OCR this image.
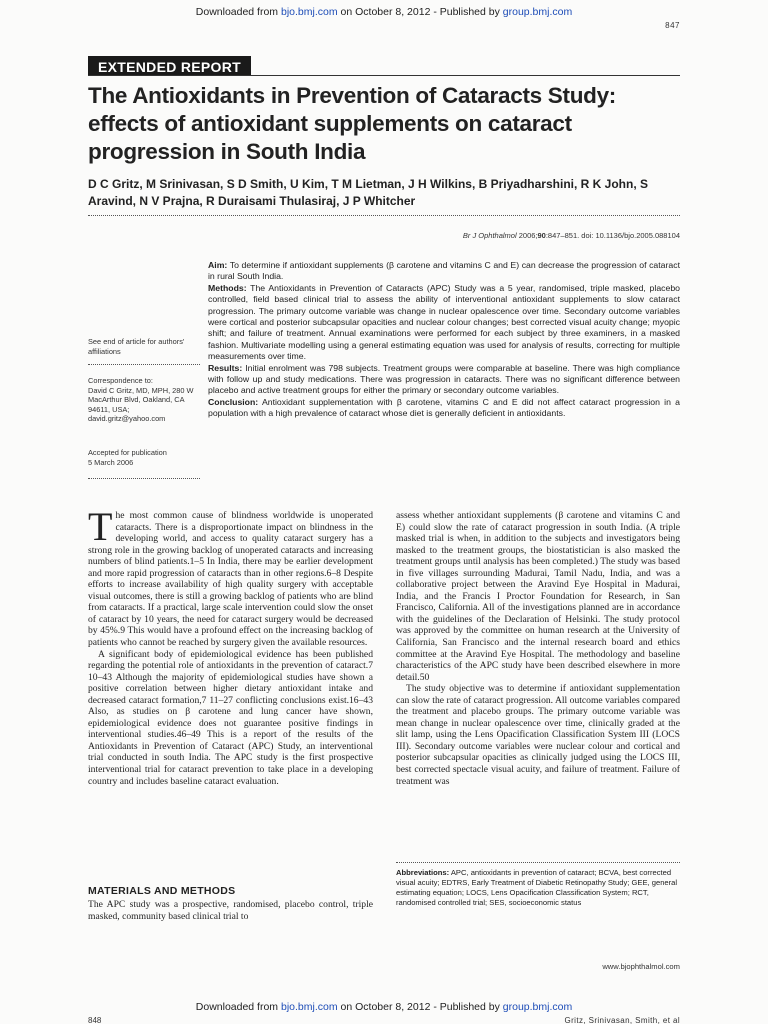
Downloaded from bjo.bmj.com on October 8, 2012 - Published by group.bmj.com
847
EXTENDED REPORT
The Antioxidants in Prevention of Cataracts Study: effects of antioxidant supplements on cataract progression in South India
D C Gritz, M Srinivasan, S D Smith, U Kim, T M Lietman, J H Wilkins, B Priyadharshini, R K John, S Aravind, N V Prajna, R Duraisami Thulasiraj, J P Whitcher
Br J Ophthalmol 2006;90:847–851. doi: 10.1136/bjo.2005.088104

Aim: To determine if antioxidant supplements (β carotene and vitamins C and E) can decrease the progression of cataract in rural South India.

Methods: The Antioxidants in Prevention of Cataracts (APC) Study was a 5 year, randomised, triple masked, placebo controlled, field based clinical trial to assess the ability of interventional antioxidant supplements to slow cataract progression. The primary outcome variable was change in nuclear opalescence over time. Secondary outcome variables were cortical and posterior subcapsular opacities and nuclear colour changes; best corrected visual acuity change; myopic shift; and failure of treatment. Annual examinations were performed for each subject by three examiners, in a masked fashion. Multivariate modelling using a general estimating equation was used for analysis of results, correcting for multiple measurements over time.

Results: Initial enrolment was 798 subjects. Treatment groups were comparable at baseline. There was high compliance with follow up and study medications. There was progression in cataracts. There was no significant difference between placebo and active treatment groups for either the primary or secondary outcome variables.

Conclusion: Antioxidant supplementation with β carotene, vitamins C and E did not affect cataract progression in a population with a high prevalence of cataract whose diet is generally deficient in antioxidants.

See end of article for authors' affiliations
Correspondence to:
David C Gritz, MD, MPH, 280 W MacArthur Blvd, Oakland, CA 94611, USA; david.gritz@yahoo.com
Accepted for publication
5 March 2006

The most common cause of blindness worldwide is unoperated cataracts. There is a disproportionate impact on blindness in the developing world, and access to quality cataract surgery has a strong role in the growing backlog of unoperated cataracts and increasing numbers of blind patients.1–5 In India, there may be earlier development and more rapid progression of cataracts than in other regions.6–8 Despite efforts to increase availability of high quality surgery with acceptable visual outcomes, there is still a growing backlog of patients who are blind from cataracts. If a practical, large scale intervention could slow the onset of cataract by 10 years, the need for cataract surgery would be decreased by 45%.9 This would have a profound effect on the increasing backlog of patients who cannot be reached by surgery given the available resources.

A significant body of epidemiological evidence has been published regarding the potential role of antioxidants in the prevention of cataract.7 10–43 Although the majority of epidemiological studies have shown a positive correlation between higher dietary antioxidant intake and decreased cataract formation,7 11–27 conflicting conclusions exist.16–43 Also, as studies on β carotene and lung cancer have shown, epidemiological evidence does not guarantee positive findings in interventional studies.46–49 This is a report of the results of the Antioxidants in Prevention of Cataract (APC) Study, an interventional trial conducted in south India. The APC study is the first prospective interventional trial for cataract prevention to take place in a developing country and includes baseline cataract evaluation.

MATERIALS AND METHODS
The APC study was a prospective, randomised, placebo control, triple masked, community based clinical trial to

assess whether antioxidant supplements (β carotene and vitamins C and E) could slow the rate of cataract progression in south India. (A triple masked trial is when, in addition to the subjects and investigators being masked to the treatment groups, the biostatistician is also masked the treatment groups until analysis has been completed.) The study was based in five villages surrounding Madurai, Tamil Nadu, India, and was a collaborative project between the Aravind Eye Hospital in Madurai, India, and the Francis I Proctor Foundation for Research, in San Francisco, California. All of the investigations planned are in accordance with the guidelines of the Declaration of Helsinki. The study protocol was approved by the committee on human research at the University of California, San Francisco and the internal research board and ethics committee at the Aravind Eye Hospital. The methodology and baseline characteristics of the APC study have been described elsewhere in more detail.50

The study objective was to determine if antioxidant supplementation can slow the rate of cataract progression. All outcome variables compared the treatment and placebo groups. The primary outcome variable was mean change in nuclear opalescence over time, clinically graded at the slit lamp, using the Lens Opacification Classification System III (LOCS III). Secondary outcome variables were nuclear colour and cortical and posterior subcapsular opacities as clinically judged using the LOCS III, best corrected spectacle visual acuity, and failure of treatment. Failure of treatment was

Abbreviations: APC, antioxidants in prevention of cataract; BCVA, best corrected visual acuity; EDTRS, Early Treatment of Diabetic Retinopathy Study; GEE, general estimating equation; LOCS, Lens Opacification Classification System; RCT, randomised controlled trial; SES, socioeconomic status
www.bjophthalmol.com
Downloaded from bjo.bmj.com on October 8, 2012 - Published by group.bmj.com
848	Gritz, Srinivasan, Smith, et al
